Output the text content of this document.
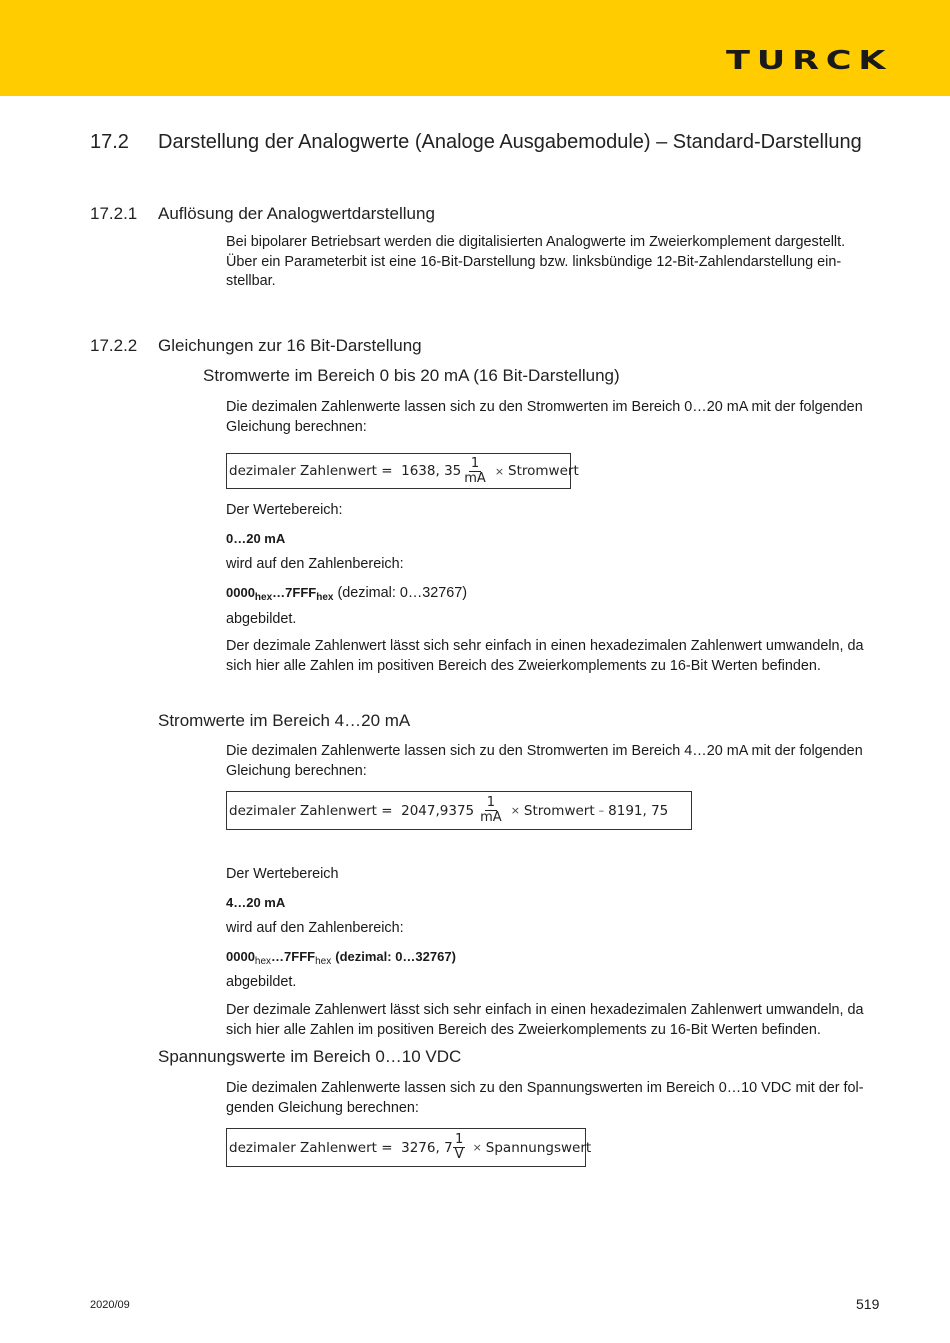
TURCK
17.2 Darstellung der Analogwerte (Analoge Ausgabemodule) – Standard-Darstellung
17.2.1 Auflösung der Analogwertdarstellung
Bei bipolarer Betriebsart werden die digitalisierten Analogwerte im Zweierkomplement dargestellt.
Über ein Parameterbit ist eine 16-Bit-Darstellung bzw. linksbündige 12-Bit-Zahlendarstellung ein-
stellbar.
17.2.2 Gleichungen zur 16 Bit-Darstellung
Stromwerte im Bereich 0 bis 20 mA (16 Bit-Darstellung)
Die dezimalen Zahlenwerte lassen sich zu den Stromwerten im Bereich 0…20 mA mit der folgenden
Gleichung berechnen:
dezimaler Zahlenwert
=
1638, $35 \frac{1}{mA}$ × Stromwert
Der Wertebereich:
0…20 mA
wird auf den Zahlenbereich:
$0000_{hex}\dots 7FFF_{hex}$ (dezimal: 0…32767)
abgebildet.
Der dezimale Zahlenwert lässt sich sehr einfach in einen hexadezimalen Zahlenwert umwandeln, da
sich hier alle Zahlen im positiven Bereich des Zweierkomplements zu 16-Bit Werten befinden.
Stromwerte im Bereich 4…20 mA
Die dezimalen Zahlenwerte lassen sich zu den Stromwerten im Bereich 4…20 mA mit der folgenden
Gleichung berechnen:
dezimaler Zahlenwert
=
$2047,9375 \frac{1}{mA}$ × Stromwert – 8191, 75
Der Wertebereich
4…20 mA
wird auf den Zahlenbereich:
$0000_{hex}\dots 7FFF_{hex}$ (dezimal: 0…32767)
abgebildet.
Der dezimale Zahlenwert lässt sich sehr einfach in einen hexadezimalen Zahlenwert umwandeln, da
sich hier alle Zahlen im positiven Bereich des Zweierkomplements zu 16-Bit Werten befinden.
Spannungswerte im Bereich 0…10 VDC
Die dezimalen Zahlenwerte lassen sich zu den Spannungswerten im Bereich 0…10 VDC mit der fol-
genden Gleichung berechnen:
dezimaler Zahlenwert
=
3276, $7 \frac{1}{V}$ × Spannungswert
2020/09	519
